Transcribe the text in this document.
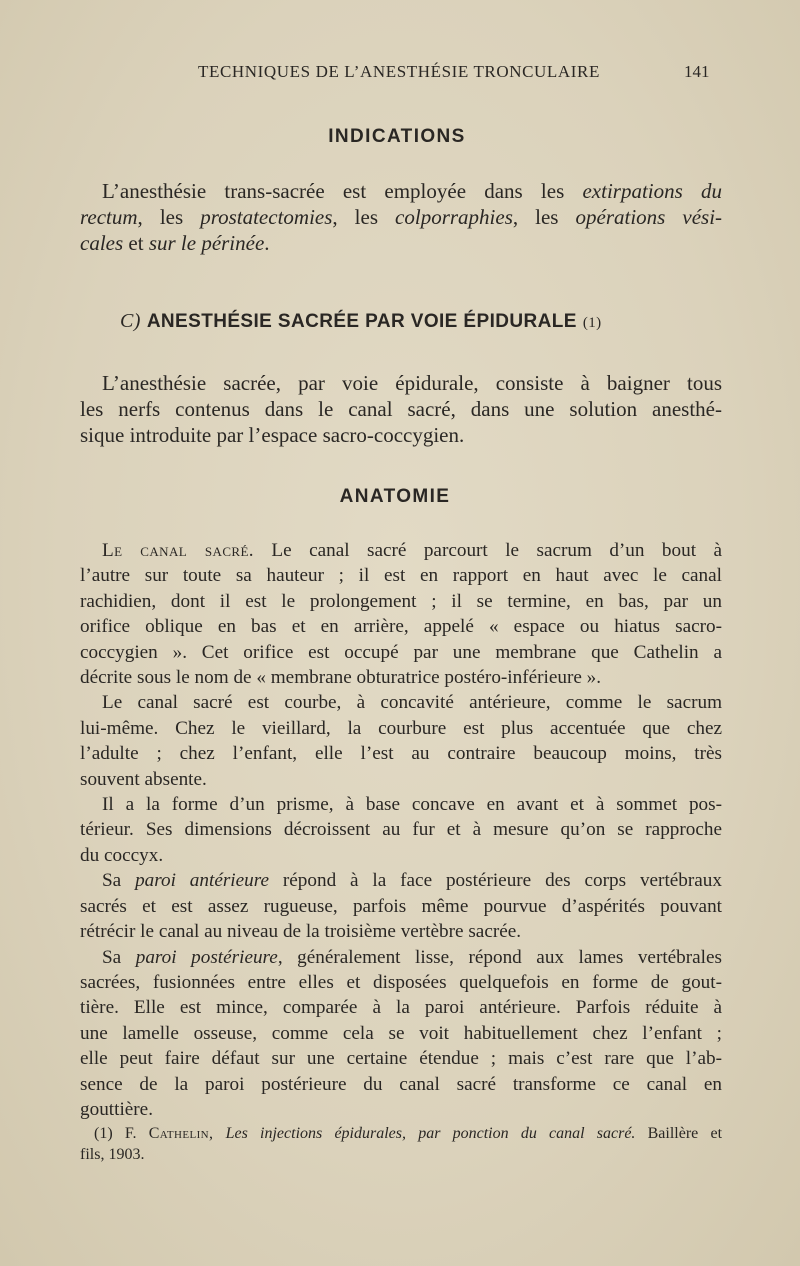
TECHNIQUES DE L’ANESTHÉSIE TRONCULAIRE	141
INDICATIONS
L’anesthésie trans-sacrée est employée dans les extirpations du
rectum, les prostatectomies, les colporraphies, les opérations vési-
cales et sur le périnée.
C) ANESTHÉSIE SACRÉE PAR VOIE ÉPIDURALE (1)
L’anesthésie sacrée, par voie épidurale, consiste à baigner tous
les nerfs contenus dans le canal sacré, dans une solution anesthé-
sique introduite par l’espace sacro-coccygien.
ANATOMIE
Le canal sacré. Le canal sacré parcourt le sacrum d’un bout à
l’autre sur toute sa hauteur ; il est en rapport en haut avec le canal
rachidien, dont il est le prolongement ; il se termine, en bas, par un
orifice oblique en bas et en arrière, appelé « espace ou hiatus sacro-
coccygien ». Cet orifice est occupé par une membrane que Cathelin a
décrite sous le nom de « membrane obturatrice postéro-inférieure ».
Le canal sacré est courbe, à concavité antérieure, comme le sacrum
lui-même. Chez le vieillard, la courbure est plus accentuée que chez
l’adulte ; chez l’enfant, elle l’est au contraire beaucoup moins, très
souvent absente.
Il a la forme d’un prisme, à base concave en avant et à sommet pos-
térieur. Ses dimensions décroissent au fur et à mesure qu’on se rapproche
du coccyx.
Sa paroi antérieure répond à la face postérieure des corps vertébraux
sacrés et est assez rugueuse, parfois même pourvue d’aspérités pouvant
rétrécir le canal au niveau de la troisième vertèbre sacrée.
Sa paroi postérieure, généralement lisse, répond aux lames vertébrales
sacrées, fusionnées entre elles et disposées quelquefois en forme de gout-
tière. Elle est mince, comparée à la paroi antérieure. Parfois réduite à
une lamelle osseuse, comme cela se voit habituellement chez l’enfant ;
elle peut faire défaut sur une certaine étendue ; mais c’est rare que l’ab-
sence de la paroi postérieure du canal sacré transforme ce canal en
gouttière.
(1) F. Cathelin, Les injections épidurales, par ponction du canal sacré. Baillère et
fils, 1903.
